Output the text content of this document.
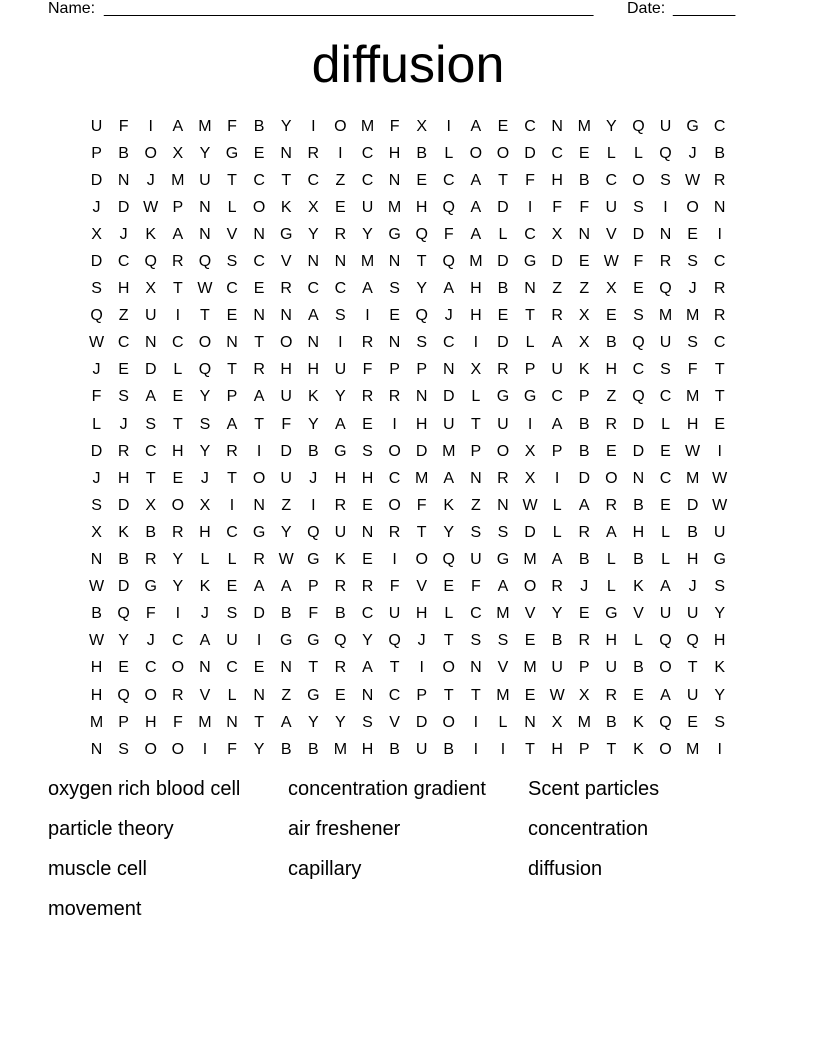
Name: _______________________________________________________ Date: _______
diffusion
U	F	I	A M F	B	Y	I	O M F	X	I	A	E C N M Y Q U G C
P	B O X	Y G E N R	I	C H B	L	O O D C E	L	L	Q	J	B
D N	J	M U	T	C	T	C	Z	C N E C A	T	F	H B C O S W R
J	D W P N	L	O K	X	E U M H Q A D	I	F	F	U S	I	O N
X	J	K	A N V N G Y R Y G Q F	A	L	C X N V D N E	I
D C Q R Q S C V N N M N	T Q M D G D E W F	R S C
S H X	T W C E R C C A	S	Y	A H B N	Z	Z	X	E Q	J	R
Q Z	U	I	T	E N N A	S	I	E Q	J	H E	T	R X	E	S M M R
W C N C O N	T O N	I	R N S C	I	D	L	A	X	B Q U S C
J	E D	L	Q T	R H H U	F	P	P N X R P U K H C S	F	T
F	S	A	E	Y	P	A U K	Y R R N D	L	G G C P	Z Q C M T
L	J	S	T	S	A	T	F	Y	A	E	I	H U	T	U	I	A	B R D	L	H E
D R C H Y R	I	D B G S O D M P O X	P	B	E D E W	I
J	H	T	E	J	T O U	J	H H C M A N R X	I	D O N C M W
S D X O X	I	N	Z	I	R E O F	K	Z	N W L	A R B	E D W
X	K	B R H C G Y Q U N R	T	Y	S	S D	L	R A H	L	B U
N B R Y	L	L	R W G K	E	I	O Q U G M A	B	L	B	L	H G
W D G Y	K	E	A	A	P R R	F	V	E	F	A O R	J	L	K	A	J	S
B Q F	I	J	S D B	F	B C U H	L	C M V	Y	E G V U U Y
W Y	J	C A U	I	G G Q Y Q	J	T	S	S	E	B R H	L	Q Q H
H E C O N C E N	T	R A	T	I	O N V M U P U B O T	K
H Q O R V	L	N	Z G E N C P	T	T M E W X R E	A U Y
M P H	F M N	T	A	Y	Y	S	V D O	I	L	N X M B	K Q E	S
N S O O	I	F	Y	B	B M H B U B	I	I	T	H P	T	K O M	I
oxygen rich blood cell	concentration gradient	Scent particles
particle theory	air freshener	concentration
muscle cell	capillary	diffusion
movement
